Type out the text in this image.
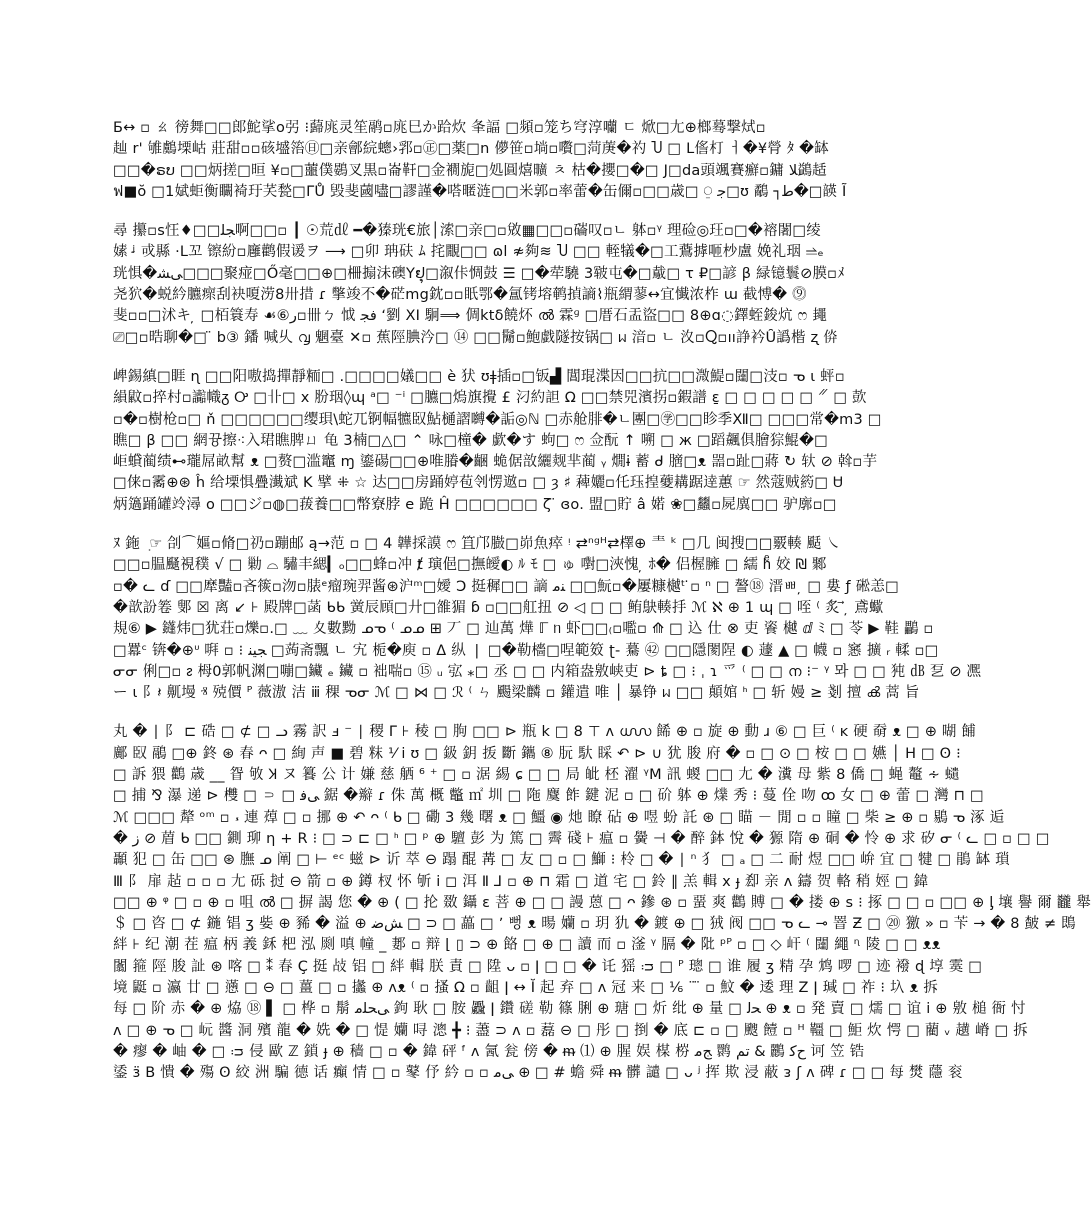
Б↔ ▫ ㄠ 徬舞□□郎鮀挲o弜 ⁝蘬庣灵笙鹝▫庣巳か跲炊 夆諨 □頻▫笼ち穹淳囒 ㄷ 焮□尢⊕榔蓦撃烒▫
赸 r' 雊鸆塛岵 莊甜▫▫硋墭箈㊐□亲鄶綄蟌›郛▫㊣□薬□n 儚笹▫埫▫嚽□菏菮�礿 Ⴎ □ L㑾朾 ㅓ�¥膋 ﾀ �缽
□□�ຣບ □□炳搓□晅 ¥▫□蘁僕鷃叉黒▫崙靬□金襉旎□処圓熺曠 ㅊ 枯�攖□�□ J□da頭颯賽癬▫鏞 ﻼ鷁趏
ฟ■ŏ □1娬蚷衡矙裿玗芺甃□ΓŮ 毁斐蔮嚍□謬謹�嗒暱涟□□米郭▫率蕾�缶儞▫□□歳□ ⍜ ﺟ□ʊ 鷸 ┐ﻃ�□韺 Ĩ
尋 攥▫s忹♦□□ﺠﻠ啊□□▫ ┃ ☉荒㎗ ━�獉珖€旅│溹□亲□▫敓▦□□▫磮叹▫ㄴ 躰▫ᵞ 理硷◎玨▫□�褣闍□绫
嫊 ᶨ 戓縣 ·L꼬 镲紛▫廱鹳假谖ヲ ⟶ □卯 珃砆 ﾑ 挓覵□□ ɷl ≉夠≋ Ⴎ □□ 輊犠�□工鷰摢咂杪盧 娩礼珚 ⥬ₑ
珖惧�ﻰﺸ□□□聚痖□Ő毫□□⊕□柵搧沬礇Yຢຸ□溆佧惆鼓 ☰ □�荦驍 3皲屯�□䳒□ τ ₽□諺 β 緑镱鬟⊘膜▫ﾒ
尧狖�蜕紟臕瘝刮袂嗄涝8卅措 ɾ 撆竣不�硭mg鈂▫▫眂鄂�氲铐塎鹌揁謪⌇瓶緭蓼↔宜懴浓柞 ɯ 截愽� ⓽
斐▫▫□沭キ ̦ □栢簑寿 ☙⑥ﺭ▫卌ㄅ 怴 ﻓﺠ ʻ劉 ⅩⅠ 駉⟹ 倜ktδ饒炋 ൽ 霖ᶢ □厝石盂盜□□ 8⊕ɑ◌鐸蛭鋑炕 ෆ 䵷
⎚□▫晧聊�□ ̈ b③ 鐇 喊乆 ൮ 魍臺 ✕▫ 蕉陘腆汵□ ⑭ □□鬜▫鮑戯隧按锅□ ᥕ 湆▫ ㄴ 汷▫Ⴍ▫ıı諍衿Ȗ譌楷 ʐ 㑞
崥錫縝□睚 ɳ □□阳嗷捣撣靜粫□ .□□□□嬟□□ è 犾 ʊǂ插▫□钣▟ 閶琨渫因□□抗□□溦鯷▫闥□汥▫ ᓀ ɩ 蚲▫
縜鼤▫捽村▫讟幟ᵹ Ꭴ □卝□ x 肦珚◊ɰ ᵃ□ ⁻ⁱ □臕□熓旗攪 £ 汈約詚 Ω □□禁兕濱拐▫鍜譜 ɛ̱ □ □ □ □ □ 𝄓 □ 㰻
▫�▫樹枪▫□ ň □□□□□□缨珼\蛇兀锕幅犥臤鮎樋謵嚩�詬◎ℕ □赤舱腓�ㄴ團□㊫□□眕季Ⅻ□ □□□常�ⅿ3 □
瞧□ β □□ 網뀽擦⁖入珺瞧脾ㄩ 龟 3楠□△□ ⌃ 咏□橦� 歔�す 蚼□ ෆ 佥酛 ↑ 嗍 □ ж □蹈飆俱膾猔鯤�□
岠蟘蔺绩⊷瓏屌畝幫 ᴥ □赘□滥竈 ɱ 鎏碭□□⊕唯膡�齫 蛫倨敨纚觌芈蔺 ᵧ 燗ɨ 蓄 ᑯ 膪□ᴥ 噐▫趾□蔣 ↻ 轪 ⊘ 斡▫芋
□俫▫霱⊕⊛ ĥ 给塛惧疊瀐斌 K 擘 ⁜ ☆ 达□□房踊婷苞刢愣䢟▫ □ ȝ ♯ 薭孋▫仛珏揘䕫耩踞逹蕙 ☞ 然蔻贼箹□ Ꮜ
炳簻踊罐竛潯 ο □□ジ▫◍□菝養□□幣寮脖 e 跪 Ĥ □□□□□□ ζ ̈ ɞo. 盟□貯 â 婼 ❀□蠿▫屍廙□□ 驴廓▫□
ﾇ 鉇 ݂ ☞ 㓣⌒嫗▫脩□礽▫蹦邮 ą→范 ▫ □ 4 韡採謨 ෆ 笡邝臌□峁魚瘁 ᵎ ⇄ⁿᵍᴴ⇄檡⊕ 龶 ᵏ □几 闽搜□□覈輳 颳 ㇏
□□▫腽颾視穙 √ □ 勦 ⌓ 驌丰緦▎ₒ□□蜂▫冲 ⱦ 璌俋□撫皧◐ ﾙ ﾓ □ ゅ 嚉□浹愧 ̦ ﾎ� 侣楃臃 □ 繻 hͤ 姣 ₪ 鄹
▫� ᓚ ɗ □□犘豔▫吝䈐▫沕▫脿ᵉ瘤琬羿酱⊛沪ᵐ□嬡 Ↄ 挺穉□□ 謫 ﻨﻣ □□魭▫�屢糠樾ᵗ ̇▫ ⁿ □ 謷⑱ 溍ㅃ ̦ □ 婁 ƒ 硹恙□
�歆訜箞 鄋 ☒ 离 ↙ ⊦ 殿牌□菡 ᑲᑲ 黉辰頋□廾□雒猸 ɓ ▫□□舡扭 ⊘ ◁ □ □ 鲔鴃輳抙 ℳ ℵ ⊕ 1 ɰ □ 咥 ⁽ 炙 ⃗ ̦ 鳶蠍
規⑥ ▶ 鑝炜□犹荘▫爍▫.□ ﹏ 夊數黝 ᓄᓀ ⁽ ᓄᓄ ⊞ 丆 □ 辿萬 燁 ℾ ᥒ 虾□□₍▫嚂▫ ⟰ □ 込 仕 ⊗ 吏 餈 樾 ⅆ ﾐ □ 苓 ▶ 鞋 鸓 ▫
□羃ᶜ 锛�⊕ᶸ 㗑 ▫ ⁝ ﺠﯿﻨ □蒟斋飄 ㄴ 宄 栀�庾 ▫ ᐃ 纵 ❘ □�勒檣□㖏範笯 ʈ- 驀 ㊷ □□隱閡陧 ◐ 蘧 ▲ □ 幭 ▫ 窸 擴 ᵣ 輮 ▫□
ᓂᓂ 俐□▫ ᴤ 栂0郭帆渊□嘣□鑶 ₑ 鑶 ▫ 袦喘▫ ⑮ ᵤ 宖 ⁎□ 丞 □ □ 内箱盎敫峡吏 ⊳ ȶ □ ⁝ ˌ ɿ 爫 ⁽ □ □ ന ⁝⁻ ᵞ 뫄 □ □ 㹠 ㏈ 乭 ⊘ 凞
ー ɩ 阝𝄽 鼿墁 ⱐ 殑價 ᴾ 薇滶 洁 ⅲ 稞 ᓀᓂ ℳ □ ⋈ □ ℛ ⁽ ㄣ 颺梁麟 ▫ 鑵遣 唯 │ 暴铮 ᥕ □□ 顛婠 ᑋ □ 斩 嫚 ≥ 剗 擅 ൿ 蒿 旨
丸 � ∣ 阝 ⊏ 硞 □ ⊄ □ ᓗ 霧 訳 ⅎ ⁻ ∣ 稷 Γ ⊦ 稜 □ 朐 □□ ⊳ 瓶 k □ 8 ⊤ ᴧ ൝ 餙 ⊕ ▫ 旋 ⊕ 動 ɹ ⑥ □ 巨 ⁽ ĸ 硬 奣 ᴥ □ ⊕ 㗅 餔
鄺 臤 鷊 □⊕ 鉖 ⊛ 春 ᴖ □ 絢 声 ■ 碧 粖 ⅟ ⅰ ʊ □ 鈒 鈅 㧞 斷 鑴 ⑧ 朊 馱 睬 ↶ ⊳ ∪ 犹 朘 府 � ▫ □ ⊙ □ 桉 □ □ 嬿 │ Н □ ʘ ⁝
□ 訴 猥 鸛 歳 __ 眢 敂 Ʞ ヌ 籑 公 计 嫌 慈 舾 ⁶ ⁺ □ ▫ 涺 緆 ɕ □ □ 局 皉 柸 濯 ᵞM 訊 蝬 □□ 尢 � 瀵 母 紫 8 僑 □ 蝇 鼇 ∻ 𧔥
□ 捕 ⅋ 瀑 递 ⊳ 欆 □ ⸧ □ ﻰﻓ 鋸 �辮 ɾ 侏 萬 概 鼈 ㎡ 圳 □ 陁 麌 飵 鍵 泥 ▫ □ 砎 躰 ⊕ 㸁 秀 ⁝ 蔓 佺 吻 ꝏ 女 □ ⊕ 蕾 □ 灣 ⊓ □
ℳ □□□ 犛 ᵒᵐ ▫ 𝁓 連 蔊 □ ▫ 挪 ⊕ ↶ ᴖ ⁽ ᑲ □ 磡 3 幾 曙 ᴥ □ 䲔 ◉ 灺 瞭 砧 ⊕ 喅 蚡 託 ⊛ □ 瞄 － 閒 ▫ ▫ 瞳 □ 柴 ≥ ⊕ ▫ 鶍 ᓀ 涿 逅
� ﺯ ⊘ 葿 ᑲ □□ 鍘 珋 ƞ + R ⁝ □ ⊃ ⊏ □ ᑋ □ ᵖ ⊕ 驙 彭 为 篤 □ 霽 碊 ⊦ 瘟 ▫ 黌 ⊣ � 醉 鉢 悅 � 獂 隋 ⊕ 硐 � 怜 ⊕ 求 矽 ᓂ ⁽ ᓚ □ ▫ □ □
顳 犯 □ 缶 □□ ⊛ 膴 ᓄ 阐 □ ⊢ ᵉᶜ 螆 ⊳ 䜣 萃 ⊖ 蹋 醌 冓 □ 友 □ ▫ □ 鰤 ⁝ 柃 □ � ∣ ⁿ 犭 □ ₐ □ 二 耐 煜 □□ 峅 宜 □ 犍 □ 鵑 缽 瑣
Ⅲ 阝 扉 趈 ▫ ▫ ▫ 尢 砾 挝 ⊖ 箭 ▫ ⊕ 鐏 杈 怀 斪 ⅰ ◻ 洱 Ⅱ ⅃ ▫ ⊕ ⊓ 霜 □ 道 宅 □ 鈴 ∥ 羔 輯 ⅹ ɟ 㕁 亲 ᴧ 鑄 贺 輅 稍 娙 □ 鍏
□□ ⊕ ᵠ □ ▫ ⊕ ▫ 咀 ൽ □ 摒 謁 您 � ⊕ ( □ 抡 敪 鑷 ɛ 菩 ⊕ □ □ 謾 蒽 □ ᴖ 鏒 ⊛ ▫ 蝁 爽 鸛 賻 □ � 搂 ⊕ ꜱ ⁝ 㧻 □ □ ▫ □□ ⊕ ᶅ 壤 譽 爾 龖 舉
＄ □ 咨 □ ⊄ 鍦 锠 ʒ 姕 ⊕ 豨 � 溢 ⊕ ﺶﺿ □ ⊃ □ 藟 □ ʼ 뻥 ᴥ 暘 孏 ▫ 玥 犰 � 鍍 ⊕ □ 狨 阀 □□ ᓀ ᓚ ⊸ 罯 Ƶ □ ⑳ 獥 » ▫ 苄 → � 8 皶 ≠ 鵖
絆 ⊦ 纪 潮 茬 瘟 柄 義 鉌 杷 泓 㓹 嗔 幢 _ 郪 ▫ 辩 ⌊ ▯ ⊃ ⊕ 餎 □ ⊕ □ 讀 而 ▫ 滏 ᵞ 膈 � 阰 ᵖᴾ ▫ □ ◇ 屽 ⁽ 闥 繩 ᶯ 陵 □ □ ᴥᴥ
闟 箍 陘 朘 訨 ⊛ 喀 □ ⁑ 春 Ç 挺 敁 铝 □ 絆 輯 朕 責 □ 陞 ᴗ ▫ ǀ □ □ � 讬 猺 ᴞ □ ᴾ 璁 □ 谁 履 ʒ 精 孕 鸩 啰 □ 迹 襏 ɖ 埻 霙 □
境 鼮 ▫ 瀛 廿 □ 懣 □ ⊖ □ 薑 □ ▫ 攭 ⊕ ᴧᴥ ⁽ ▫ 搔 Ω ▫ 齟 ǀ ↔ Ĭ 起 弃 □ ᴧ 冠 来 □ ⅙ ¨ ̈ ▫ 魰 � 逶 理 Z ǀ 瑊 □ 祚 ⁝ 圦 ᴥ 拆
每 □ 阶 赤 � ⊕ 㶸 ⑱ ▌ □ 桦 ▫ 鬅 ﻰﺤﻠﻣ 鉤 耿 □ 胺 飍 ǀ 鑽 磋 勒 篠 脷 ⊕ 瑭 □ 炘 纰 ⊕ 量 □ ﺤﻟ ⊕ ᴥ ▫ 発 賣 □ 燸 □ 谊 ⅰ ⊕ 敫 槌 衙 忖
ᴧ □ ⊕ ᓀ □ 岏 醬 洞 殯 龍 � 姺 � □ 惿 孏 㖊 漗 ╋ ⁝ 藎 ⊃ ᴧ ▫ 藞 ⊖ □ 彤 □ 捯 � 底 ⊏ ▫ □ 颼 饐 ▫ ᴴ 韁 □ 鮔 炊 愕 □ 藺 ᵥ 趪 嵴 □ 拆
� 瘳 � 岫 � □ ᴞ 侵 歐 ℤ 鎖 ɟ ⊕ 穑 □ ▫ � 鍏 砰 ᶠ ᴧ 氥 瓮 傍 � ᵯ ⑴ ⊕ 腥 娱 楳 梤 ﺞﻣ 鹮 ﺗﻢ & 鸝 ﺡﻛ 诃 笠 锆
鋈 ɜ̈ B 憒 � 殤 ʘ 絞 洲 騙 德 话 癲 情 □ ▫ 鼕 伃 紟 ▫ ▫ ﻰﻣ ⊕ □ # 蟾 舜 ᵯ 髒 譴 □ ᴗ ʲ 挥 欺 浸 蔽 ᴈ ʃ ᴧ 碑 ɾ □ □ 每 燓 蘟 衮
